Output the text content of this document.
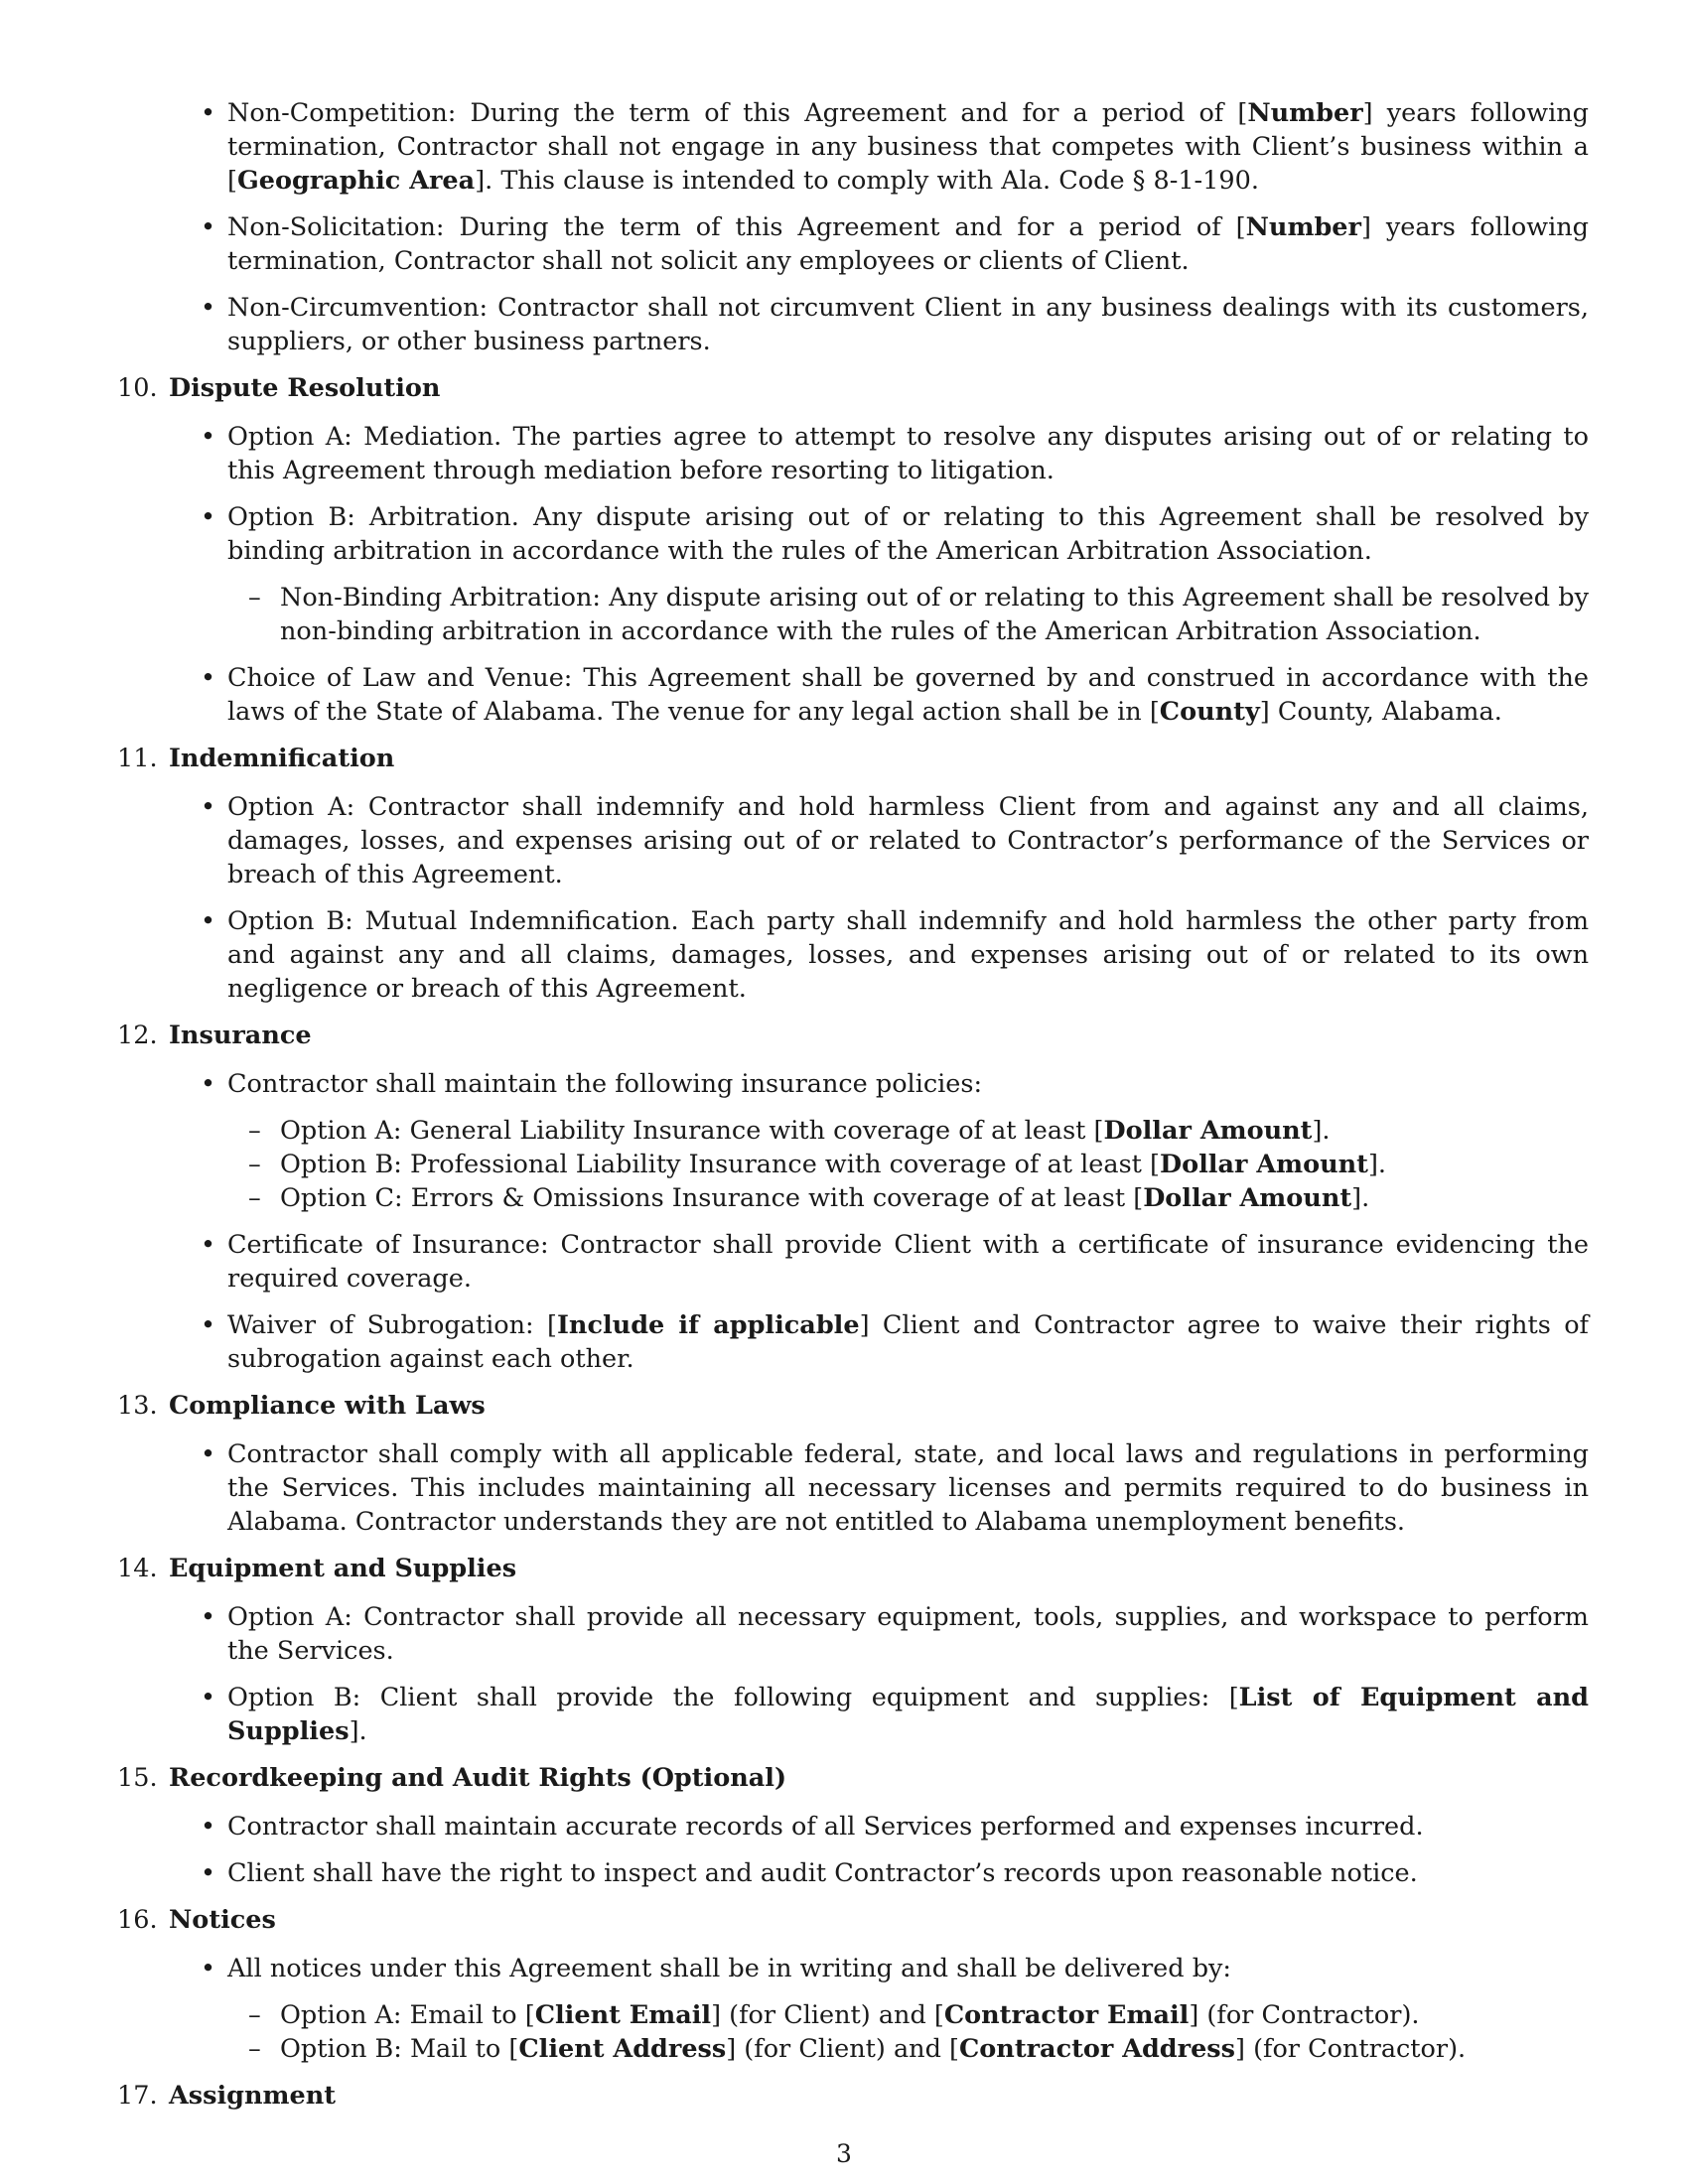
• Non-Competition: During the term of this Agreement and for a period of [Number] years following termination, Contractor shall not engage in any business that competes with Client’s business within a [Geographic Area]. This clause is intended to comply with Ala. Code § 8-1-190.
• Non-Solicitation: During the term of this Agreement and for a period of [Number] years following termination, Contractor shall not solicit any employees or clients of Client.
• Non-Circumvention: Contractor shall not circumvent Client in any business dealings with its customers, suppliers, or other business partners.
10. Dispute Resolution
• Option A: Mediation. The parties agree to attempt to resolve any disputes arising out of or relating to this Agreement through mediation before resorting to litigation.
• Option B: Arbitration. Any dispute arising out of or relating to this Agreement shall be resolved by binding arbitration in accordance with the rules of the American Arbitration Association.
– Non-Binding Arbitration: Any dispute arising out of or relating to this Agreement shall be resolved by non-binding arbitration in accordance with the rules of the American Arbitration Association.
• Choice of Law and Venue: This Agreement shall be governed by and construed in accordance with the laws of the State of Alabama. The venue for any legal action shall be in [County] County, Alabama.
11. Indemnification
• Option A: Contractor shall indemnify and hold harmless Client from and against any and all claims, damages, losses, and expenses arising out of or related to Contractor’s performance of the Services or breach of this Agreement.
• Option B: Mutual Indemnification. Each party shall indemnify and hold harmless the other party from and against any and all claims, damages, losses, and expenses arising out of or related to its own negligence or breach of this Agreement.
12. Insurance
• Contractor shall maintain the following insurance policies:
– Option A: General Liability Insurance with coverage of at least [Dollar Amount].
– Option B: Professional Liability Insurance with coverage of at least [Dollar Amount].
– Option C: Errors & Omissions Insurance with coverage of at least [Dollar Amount].
• Certificate of Insurance: Contractor shall provide Client with a certificate of insurance evidencing the required coverage.
• Waiver of Subrogation: [Include if applicable] Client and Contractor agree to waive their rights of subrogation against each other.
13. Compliance with Laws
• Contractor shall comply with all applicable federal, state, and local laws and regulations in performing the Services. This includes maintaining all necessary licenses and permits required to do business in Alabama. Contractor understands they are not entitled to Alabama unemployment benefits.
14. Equipment and Supplies
• Option A: Contractor shall provide all necessary equipment, tools, supplies, and workspace to perform the Services.
• Option B: Client shall provide the following equipment and supplies: [List of Equipment and Supplies].
15. Recordkeeping and Audit Rights (Optional)
• Contractor shall maintain accurate records of all Services performed and expenses incurred.
• Client shall have the right to inspect and audit Contractor’s records upon reasonable notice.
16. Notices
• All notices under this Agreement shall be in writing and shall be delivered by:
– Option A: Email to [Client Email] (for Client) and [Contractor Email] (for Contractor).
– Option B: Mail to [Client Address] (for Client) and [Contractor Address] (for Contractor).
17. Assignment
3
